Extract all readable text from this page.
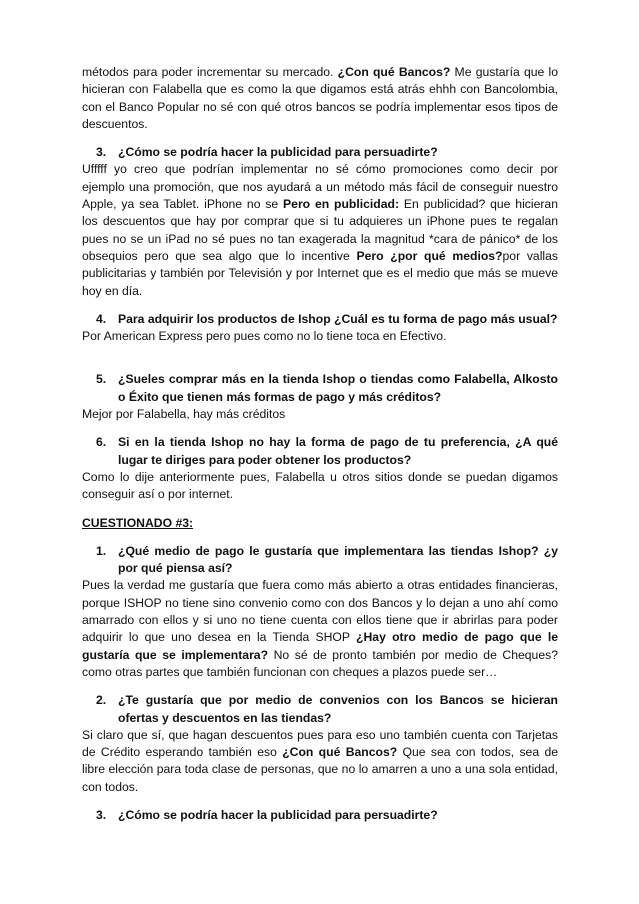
métodos para poder incrementar su mercado. ¿Con qué Bancos? Me gustaría que lo hicieran con Falabella que es como la que digamos está atrás ehhh con Bancolombia, con el Banco Popular no sé con qué otros bancos se podría implementar esos tipos de descuentos.

3. ¿Cómo se podría hacer la publicidad para persuadirte?

Ufffff yo creo que podrían implementar no sé cómo promociones como decir por ejemplo una promoción, que nos ayudará a un método más fácil de conseguir nuestro Apple, ya sea Tablet. iPhone no se Pero en publicidad: En publicidad? que hicieran los descuentos que hay por comprar que si tu adquieres un iPhone pues te regalan pues no se un iPad no sé pues no tan exagerada la magnitud *cara de pánico* de los obsequios pero que sea algo que lo incentive Pero ¿por qué medios?por vallas publicitarias y también por Televisión y por Internet que es el medio que más se mueve hoy en día.

4. Para adquirir los productos de Ishop ¿Cuál es tu forma de pago más usual?

Por American Express pero pues como no lo tiene toca en Efectivo.

5. ¿Sueles comprar más en la tienda Ishop o tiendas como Falabella, Alkosto o Éxito que tienen más formas de pago y más créditos?

Mejor por Falabella, hay más créditos

6. Si en la tienda Ishop no hay la forma de pago de tu preferencia, ¿A qué lugar te diriges para poder obtener los productos?

Como lo dije anteriormente pues, Falabella u otros sitios donde se puedan digamos conseguir así o por internet.

CUESTIONADO #3:

1. ¿Qué medio de pago le gustaría que implementara las tiendas Ishop? ¿y por qué piensa así?

Pues la verdad me gustaría que fuera como más abierto a otras entidades financieras, porque ISHOP no tiene sino convenio como con dos Bancos y lo dejan a uno ahí como amarrado con ellos y si uno no tiene cuenta con ellos tiene que ir abrirlas para poder adquirir lo que uno desea en la Tienda SHOP ¿Hay otro medio de pago que le gustaría que se implementara? No sé de pronto también por medio de Cheques? como otras partes que también funcionan con cheques a plazos puede ser…

2. ¿Te gustaría que por medio de convenios con los Bancos se hicieran ofertas y descuentos en las tiendas?

Si claro que sí, que hagan descuentos pues para eso uno también cuenta con Tarjetas de Crédito esperando también eso ¿Con qué Bancos? Que sea con todos, sea de libre elección para toda clase de personas, que no lo amarren a uno a una sola entidad, con todos.

3. ¿Cómo se podría hacer la publicidad para persuadirte?
